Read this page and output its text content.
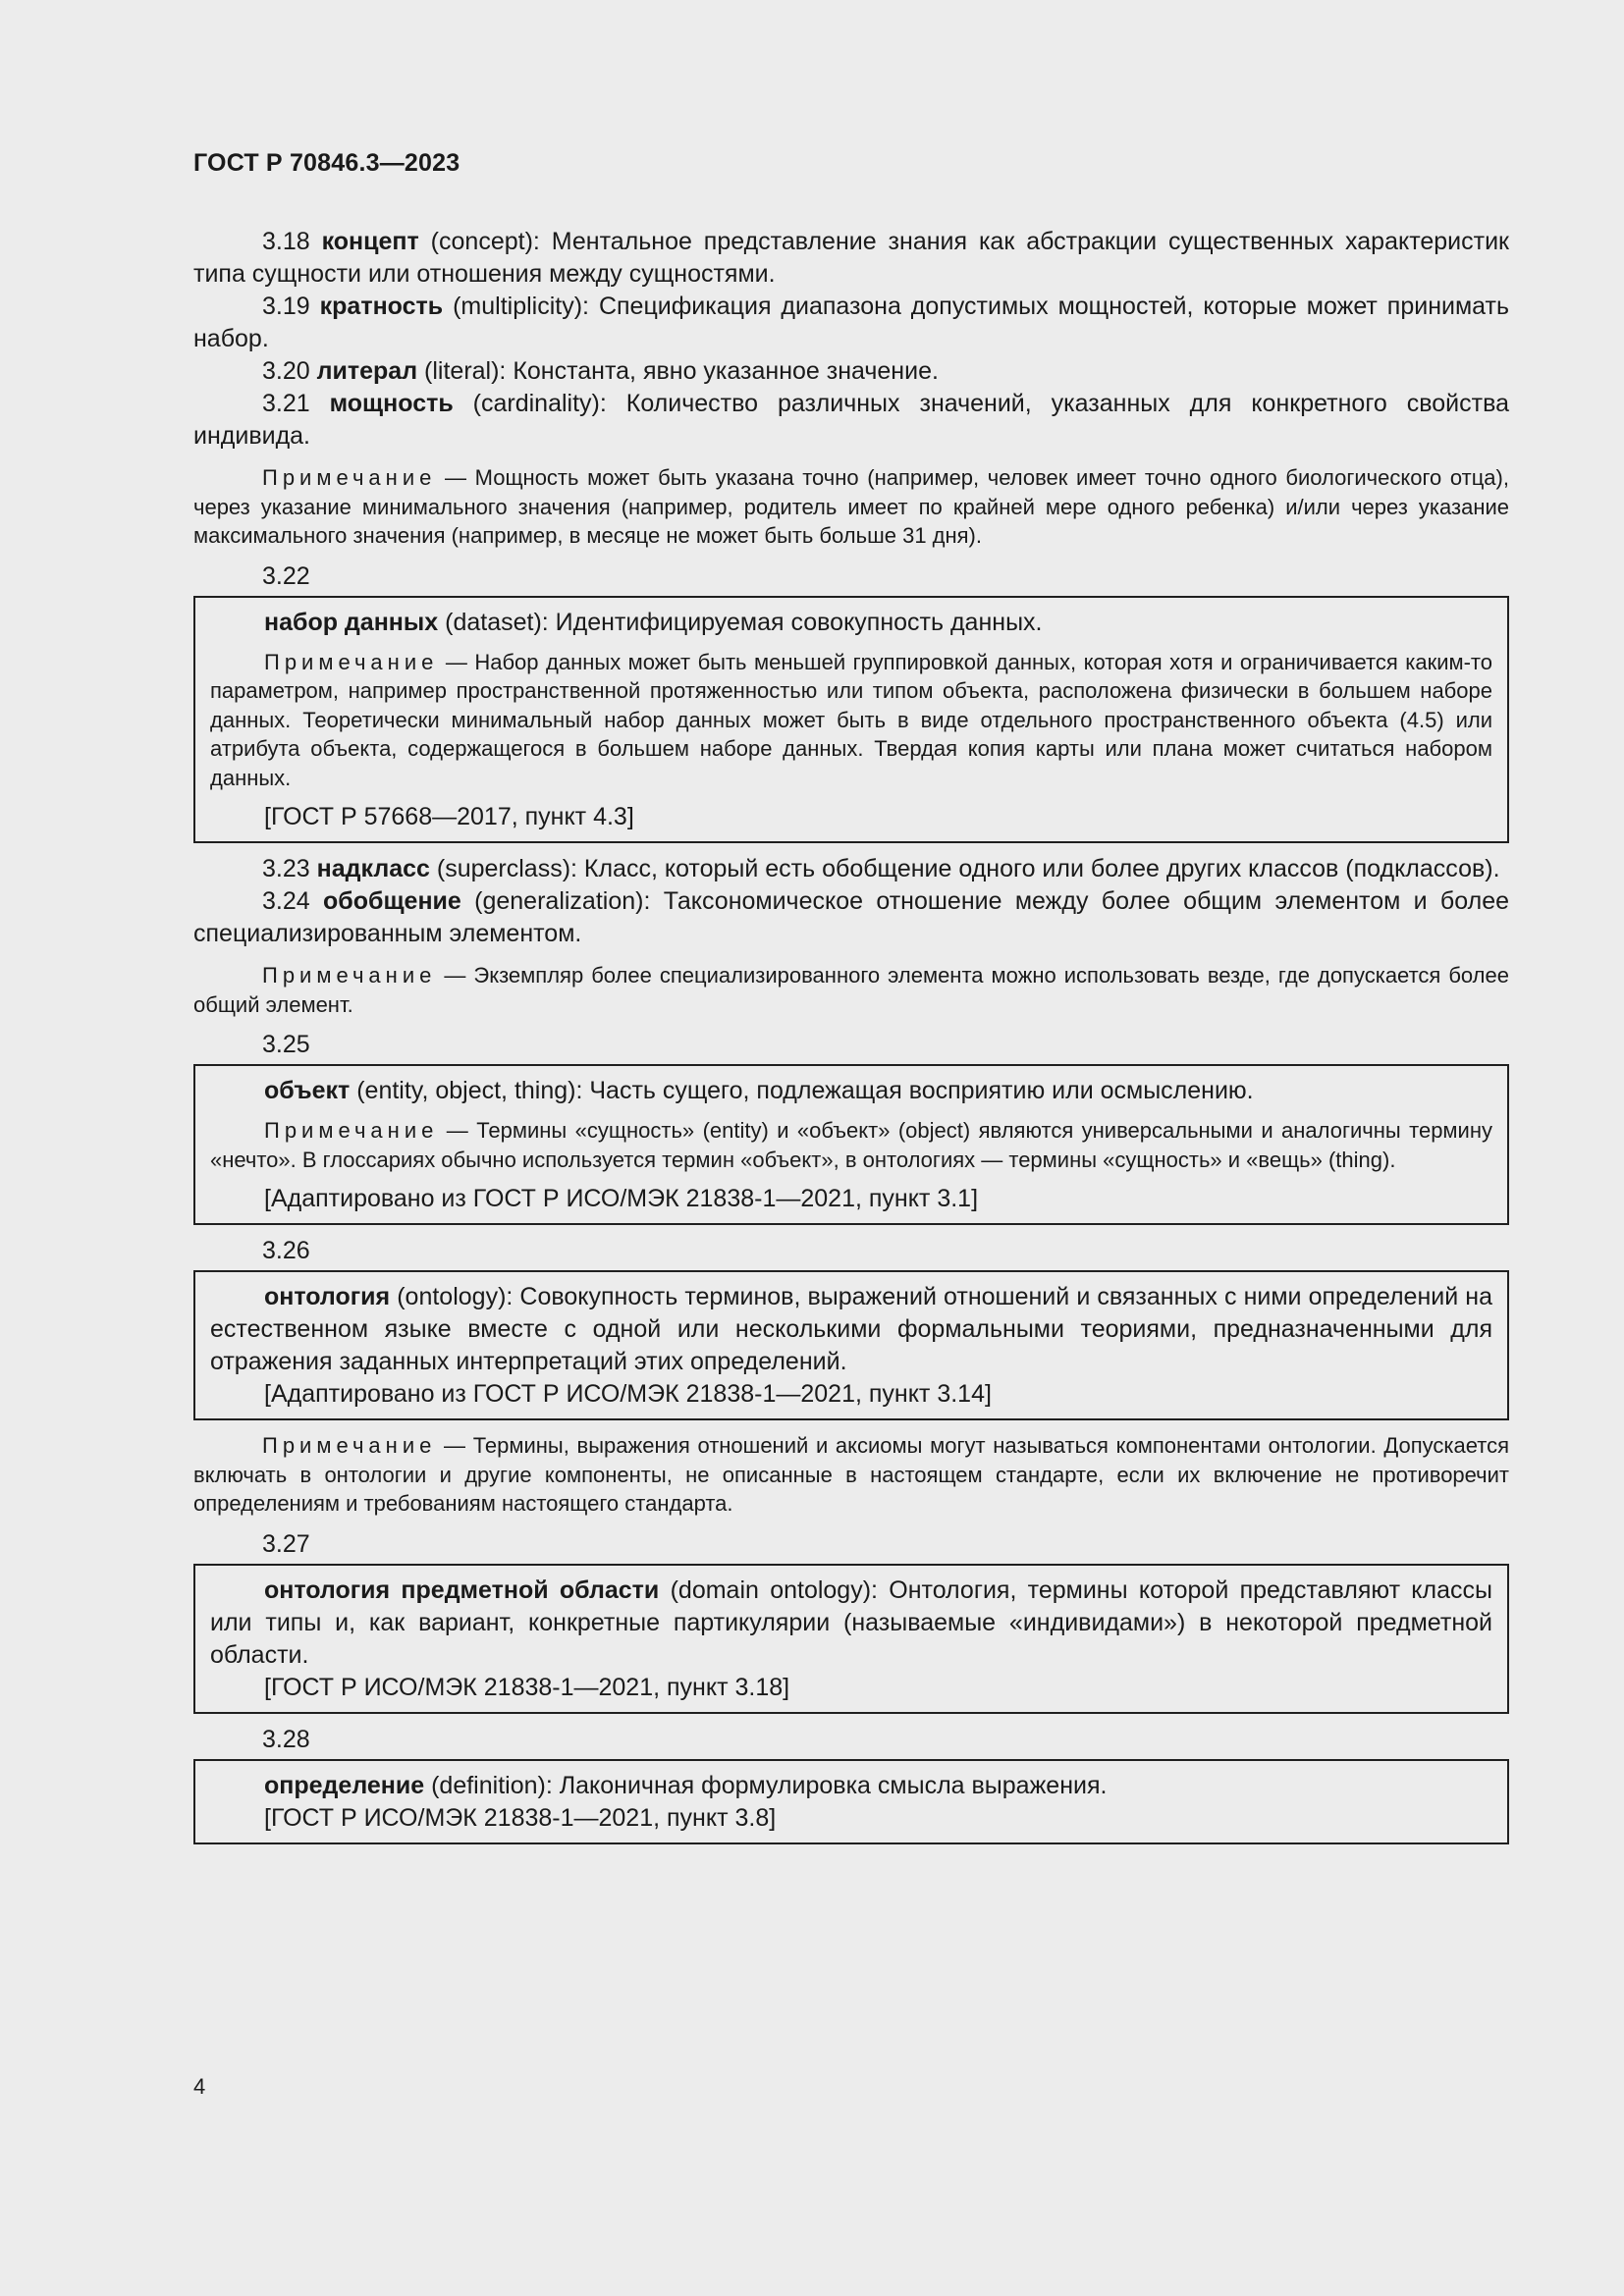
ГОСТ Р 70846.3—2023

3.18 концепт (concept): Ментальное представление знания как абстракции существенных характеристик типа сущности или отношения между сущностями.

3.19 кратность (multiplicity): Спецификация диапазона допустимых мощностей, которые может принимать набор.

3.20 литерал (literal): Константа, явно указанное значение.

3.21 мощность (cardinality): Количество различных значений, указанных для конкретного свойства индивида.

Примечание — Мощность может быть указана точно (например, человек имеет точно одного биологического отца), через указание минимального значения (например, родитель имеет по крайней мере одного ребенка) и/или через указание максимального значения (например, в месяце не может быть больше 31 дня).

3.22

набор данных (dataset): Идентифицируемая совокупность данных.

Примечание — Набор данных может быть меньшей группировкой данных, которая хотя и ограничивается каким-то параметром, например пространственной протяженностью или типом объекта, расположена физически в большем наборе данных. Теоретически минимальный набор данных может быть в виде отдельного пространственного объекта (4.5) или атрибута объекта, содержащегося в большем наборе данных. Твердая копия карты или плана может считаться набором данных.

[ГОСТ Р 57668—2017, пункт 4.3]

3.23 надкласс (superclass): Класс, который есть обобщение одного или более других классов (подклассов).

3.24 обобщение (generalization): Таксономическое отношение между более общим элементом и более специализированным элементом.

Примечание — Экземпляр более специализированного элемента можно использовать везде, где допускается более общий элемент.

3.25

объект (entity, object, thing): Часть сущего, подлежащая восприятию или осмыслению.

Примечание — Термины «сущность» (entity) и «объект» (object) являются универсальными и аналогичны термину «нечто». В глоссариях обычно используется термин «объект», в онтологиях — термины «сущность» и «вещь» (thing).

[Адаптировано из ГОСТ Р ИСО/МЭК 21838-1—2021, пункт 3.1]
3.26

онтология (ontology): Совокупность терминов, выражений отношений и связанных с ними определений на естественном языке вместе с одной или несколькими формальными теориями, предназначенными для отражения заданных интерпретаций этих определений.

[Адаптировано из ГОСТ Р ИСО/МЭК 21838-1—2021, пункт 3.14]

Примечание — Термины, выражения отношений и аксиомы могут называться компонентами онтологии. Допускается включать в онтологии и другие компоненты, не описанные в настоящем стандарте, если их включение не противоречит определениям и требованиям настоящего стандарта.

3.27

онтология предметной области (domain ontology): Онтология, термины которой представляют классы или типы и, как вариант, конкретные партикулярии (называемые «индивидами») в некоторой предметной области.

[ГОСТ Р ИСО/МЭК 21838-1—2021, пункт 3.18]
3.28

определение (definition): Лаконичная формулировка смысла выражения.

[ГОСТ Р ИСО/МЭК 21838-1—2021, пункт 3.8]
4
